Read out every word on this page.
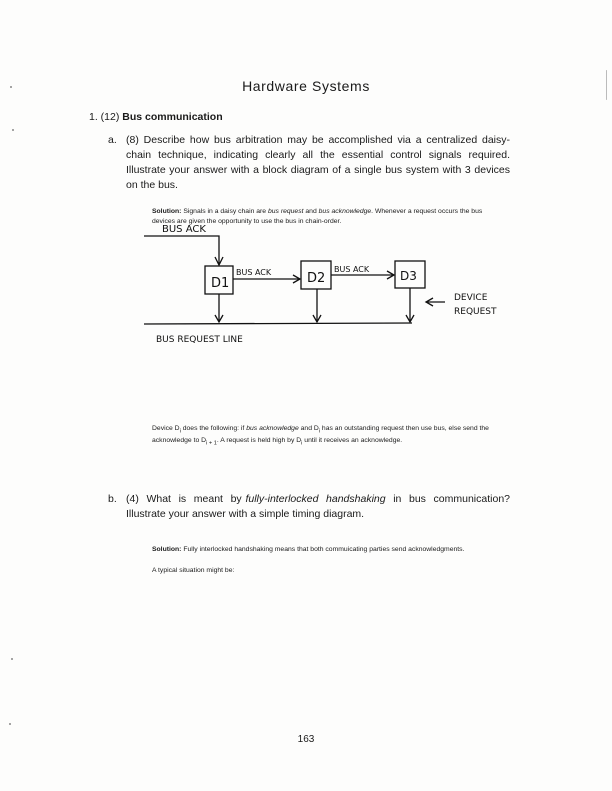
Hardware Systems
1. (12) Bus communication
a. (8) Describe how bus arbitration may be accomplished via a centralized daisy-chain technique, indicating clearly all the essential control signals required. Illustrate your answer with a block diagram of a single bus system with 3 devices on the bus.
Solution: Signals in a daisy chain are bus request and bus acknowledge. Whenever a request occurs the bus devices are given the opportunity to use the bus in chain-order.
BUS ACK
D1	D2	D3
BUS ACK	BUS ACK
DEVICE
REQUEST
BUS REQUEST LINE
Device $D_i$ does the following: if bus acknowledge and $D_i$ has an outstanding request then use bus, else send the acknowledge to $D_{i + 1}$. A request is held high by $D_i$ until it receives an acknowledge.
b. (4)  What  is  meant  by fully-interlocked  handshaking  in  bus  communication? Illustrate your answer with a simple timing diagram.
Solution: Fully interlocked handshaking means that both commuicating parties send acknowledgments.
A typical situation might be:
163
